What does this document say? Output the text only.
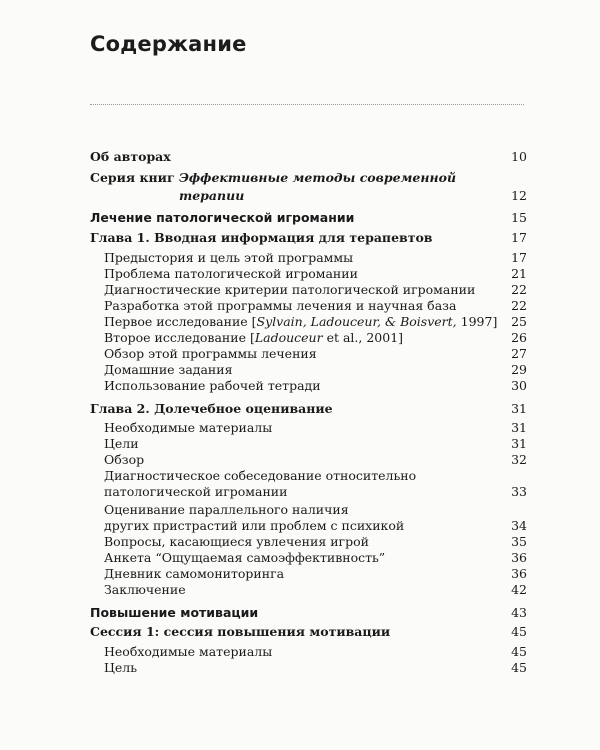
Содержание
Об авторах	10
Серия книг Эффективные методы современной
терапии	12
Лечение патологической игромании	15
Глава 1. Вводная информация для терапевтов	17
Предыстория и цель этой программы	17
Проблема патологической игромании	21
Диагностические критерии патологической игромании	22
Разработка этой программы лечения и научная база	22
Первое исследование [Sylvain, Ladouceur, & Boisvert, 1997] 25
Второе исследование [Ladouceur et al., 2001]	26
Обзор этой программы лечения	27
Домашние задания	29
Использование рабочей тетради	30
Глава 2. Долечебное оценивание	31
Необходимые материалы	31
Цели	31
Обзор	32
Диагностическое собеседование относительно
патологической игромании	33
Оценивание параллельного наличия
других пристрастий или проблем с психикой	34
Вопросы, касающиеся увлечения игрой	35
Анкета “Ощущаемая самоэффективность”	36
Дневник самомониторинга	36
Заключение	42
Повышение мотивации	43
Сессия 1: сессия повышения мотивации	45
Необходимые материалы	45
Цель	45
